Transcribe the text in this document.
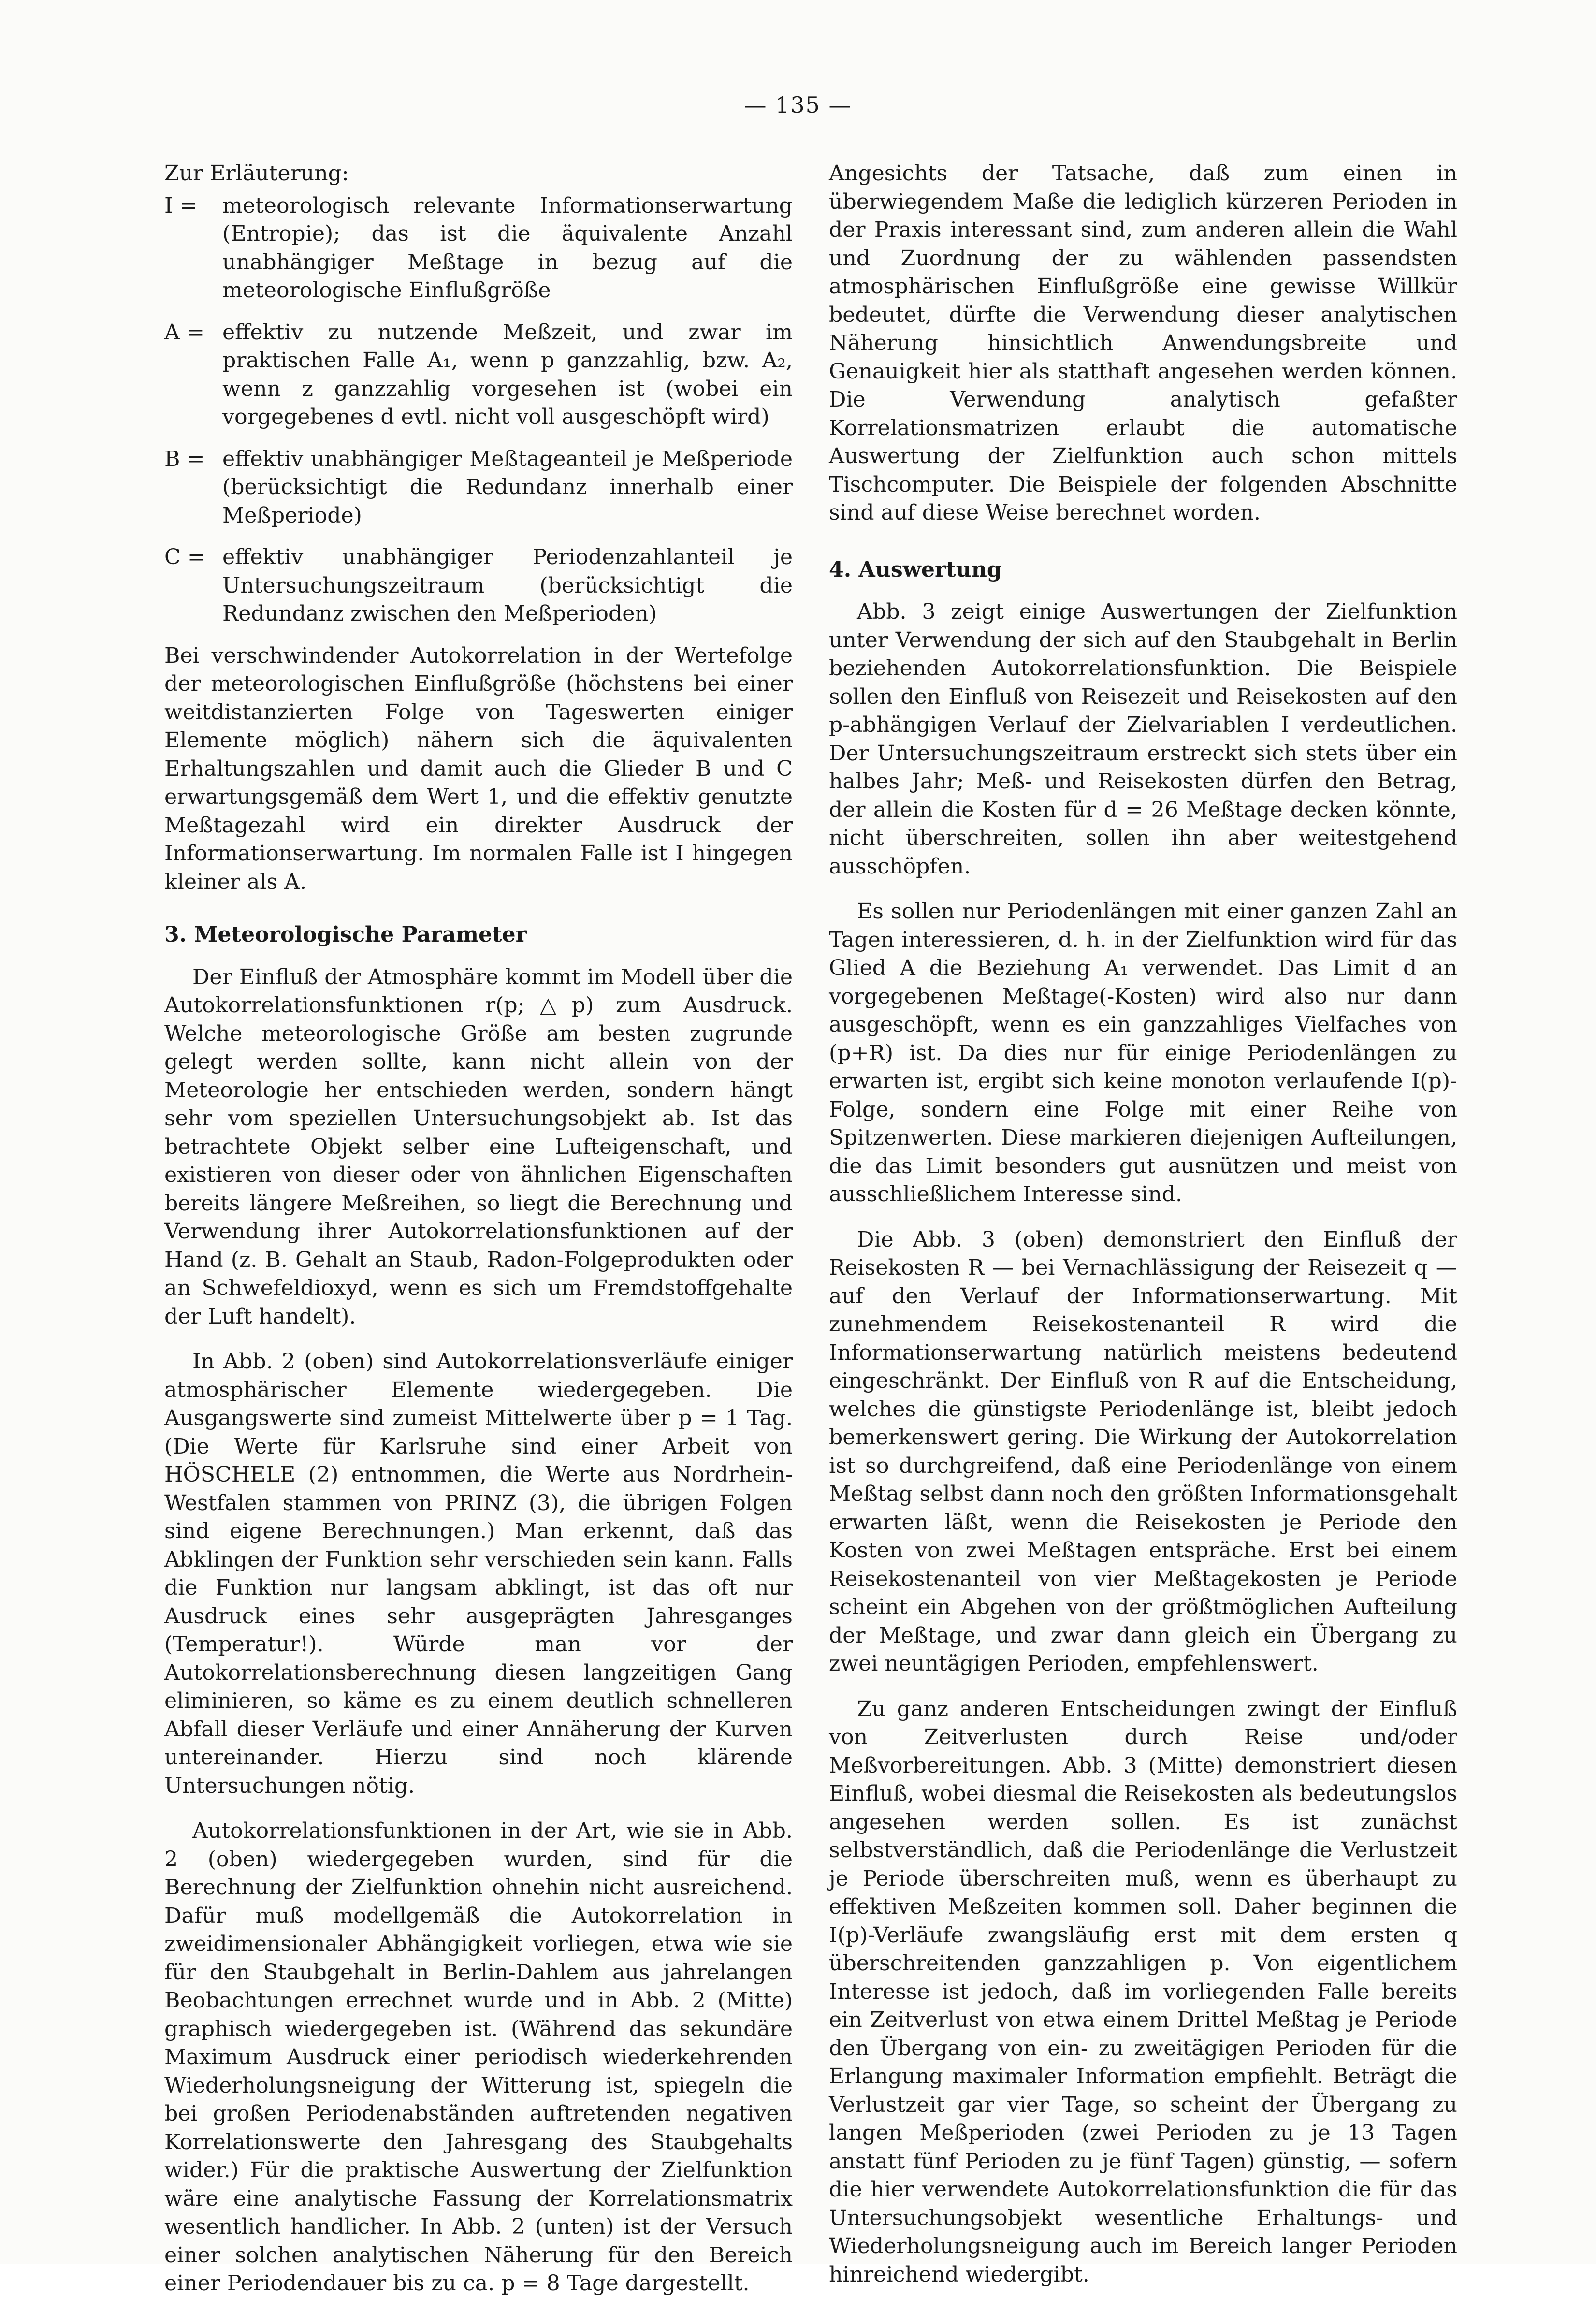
— 135 —
Zur Erläuterung:
I =	meteorologisch relevante Informationserwartung (Entropie); das ist die äquivalente Anzahl unabhängiger Meßtage in bezug auf die meteorologische Einflußgröße
A = effektiv zu nutzende Meßzeit, und zwar im praktischen Falle A₁, wenn p ganzzahlig, bzw. A₂, wenn z ganzzahlig vorgesehen ist (wobei ein vorgegebenes d evtl. nicht voll ausgeschöpft wird)
B = effektiv unabhängiger Meßtageanteil je Meßperiode (berücksichtigt die Redundanz innerhalb einer Meßperiode)
C = effektiv unabhängiger Periodenzahlanteil je Untersuchungszeitraum (berücksichtigt die Redundanz zwischen den Meßperioden)

Bei verschwindender Autokorrelation in der Wertefolge der meteorologischen Einflußgröße (höchstens bei einer weitdistanzierten Folge von Tageswerten einiger Elemente möglich) nähern sich die äquivalenten Erhaltungszahlen und damit auch die Glieder B und C erwartungsgemäß dem Wert 1, und die effektiv genutzte Meßtagezahl wird ein direkter Ausdruck der Informationserwartung. Im normalen Falle ist I hingegen kleiner als A.

3. Meteorologische Parameter

Der Einfluß der Atmosphäre kommt im Modell über die Autokorrelationsfunktionen r(p;△p) zum Ausdruck. Welche meteorologische Größe am besten zugrunde gelegt werden sollte, kann nicht allein von der Meteorologie her entschieden werden, sondern hängt sehr vom speziellen Untersuchungsobjekt ab. Ist das betrachtete Objekt selber eine Lufteigenschaft, und existieren von dieser oder von ähnlichen Eigenschaften bereits längere Meßreihen, so liegt die Berechnung und Verwendung ihrer Autokorrelationsfunktionen auf der Hand (z. B. Gehalt an Staub, Radon-Folgeprodukten oder an Schwefeldioxyd, wenn es sich um Fremdstoffgehalte der Luft handelt).

In Abb. 2 (oben) sind Autokorrelationsverläufe einiger atmosphärischer Elemente wiedergegeben. Die Ausgangswerte sind zumeist Mittelwerte über p = 1 Tag. (Die Werte für Karlsruhe sind einer Arbeit von HÖSCHELE (2) entnommen, die Werte aus Nordrhein-Westfalen stammen von PRINZ (3), die übrigen Folgen sind eigene Berechnungen.) Man erkennt, daß das Abklingen der Funktion sehr verschieden sein kann. Falls die Funktion nur langsam abklingt, ist das oft nur Ausdruck eines sehr ausgeprägten Jahresganges (Temperatur!). Würde man vor der Autokorrelationsberechnung diesen langzeitigen Gang eliminieren, so käme es zu einem deutlich schnelleren Abfall dieser Verläufe und einer Annäherung der Kurven untereinander. Hierzu sind noch klärende Untersuchungen nötig.

Autokorrelationsfunktionen in der Art, wie sie in Abb. 2 (oben) wiedergegeben wurden, sind für die Berechnung der Zielfunktion ohnehin nicht ausreichend. Dafür muß modellgemäß die Autokorrelation in zweidimensionaler Abhängigkeit vorliegen, etwa wie sie für den Staubgehalt in Berlin-Dahlem aus jahrelangen Beobachtungen errechnet wurde und in Abb. 2 (Mitte) graphisch wiedergegeben ist. (Während das sekundäre Maximum Ausdruck einer periodisch wiederkehrenden Wiederholungsneigung der Witterung ist, spiegeln die bei großen Periodenabständen auftretenden negativen Korrelationswerte den Jahresgang des Staubgehalts wider.) Für die praktische Auswertung der Zielfunktion wäre eine analytische Fassung der Korrelationsmatrix wesentlich handlicher. In Abb. 2 (unten) ist der Versuch einer solchen analytischen Näherung für den Bereich einer Periodendauer bis zu ca. p = 8 Tage dargestellt.

Angesichts der Tatsache, daß zum einen in überwiegendem Maße die lediglich kürzeren Perioden in der Praxis interessant sind, zum anderen allein die Wahl und Zuordnung der zu wählenden passendsten atmosphärischen Einflußgröße eine gewisse Willkür bedeutet, dürfte die Verwendung dieser analytischen Näherung hinsichtlich Anwendungsbreite und Genauigkeit hier als statthaft angesehen werden können. Die Verwendung analytisch gefaßter Korrelationsmatrizen erlaubt die automatische Auswertung der Zielfunktion auch schon mittels Tischcomputer. Die Beispiele der folgenden Abschnitte sind auf diese Weise berechnet worden.

4. Auswertung

Abb. 3 zeigt einige Auswertungen der Zielfunktion unter Verwendung der sich auf den Staubgehalt in Berlin beziehenden Autokorrelationsfunktion. Die Beispiele sollen den Einfluß von Reisezeit und Reisekosten auf den p-abhängigen Verlauf der Zielvariablen I verdeutlichen. Der Untersuchungszeitraum erstreckt sich stets über ein halbes Jahr; Meß- und Reisekosten dürfen den Betrag, der allein die Kosten für d = 26 Meßtage decken könnte, nicht überschreiten, sollen ihn aber weitestgehend ausschöpfen.

Es sollen nur Periodenlängen mit einer ganzen Zahl an Tagen interessieren, d. h. in der Zielfunktion wird für das Glied A die Beziehung A₁ verwendet. Das Limit d an vorgegebenen Meßtage(-Kosten) wird also nur dann ausgeschöpft, wenn es ein ganzzahliges Vielfaches von (p+R) ist. Da dies nur für einige Periodenlängen zu erwarten ist, ergibt sich keine monoton verlaufende I(p)-Folge, sondern eine Folge mit einer Reihe von Spitzenwerten. Diese markieren diejenigen Aufteilungen, die das Limit besonders gut ausnützen und meist von ausschließlichem Interesse sind.

Die Abb. 3 (oben) demonstriert den Einfluß der Reisekosten R — bei Vernachlässigung der Reisezeit q — auf den Verlauf der Informationserwartung. Mit zunehmendem Reisekostenanteil R wird die Informationserwartung natürlich meistens bedeutend eingeschränkt. Der Einfluß von R auf die Entscheidung, welches die günstigste Periodenlänge ist, bleibt jedoch bemerkenswert gering. Die Wirkung der Autokorrelation ist so durchgreifend, daß eine Periodenlänge von einem Meßtag selbst dann noch den größten Informationsgehalt erwarten läßt, wenn die Reisekosten je Periode den Kosten von zwei Meßtagen entspräche. Erst bei einem Reisekostenanteil von vier Meßtagekosten je Periode scheint ein Abgehen von der größtmöglichen Aufteilung der Meßtage, und zwar dann gleich ein Übergang zu zwei neuntägigen Perioden, empfehlenswert.

Zu ganz anderen Entscheidungen zwingt der Einfluß von Zeitverlusten durch Reise und/oder Meßvorbereitungen. Abb. 3 (Mitte) demonstriert diesen Einfluß, wobei diesmal die Reisekosten als bedeutungslos angesehen werden sollen. Es ist zunächst selbstverständlich, daß die Periodenlänge die Verlustzeit je Periode überschreiten muß, wenn es überhaupt zu effektiven Meßzeiten kommen soll. Daher beginnen die I(p)-Verläufe zwangsläufig erst mit dem ersten q überschreitenden ganzzahligen p. Von eigentlichem Interesse ist jedoch, daß im vorliegenden Falle bereits ein Zeitverlust von etwa einem Drittel Meßtag je Periode den Übergang von ein- zu zweitägigen Perioden für die Erlangung maximaler Information empfiehlt. Beträgt die Verlustzeit gar vier Tage, so scheint der Übergang zu langen Meßperioden (zwei Perioden zu je 13 Tagen anstatt fünf Perioden zu je fünf Tagen) günstig, — sofern die hier verwendete Autokorrelationsfunktion die für das Untersuchungsobjekt wesentliche Erhaltungs- und Wiederholungsneigung auch im Bereich langer Perioden hinreichend wiedergibt.
